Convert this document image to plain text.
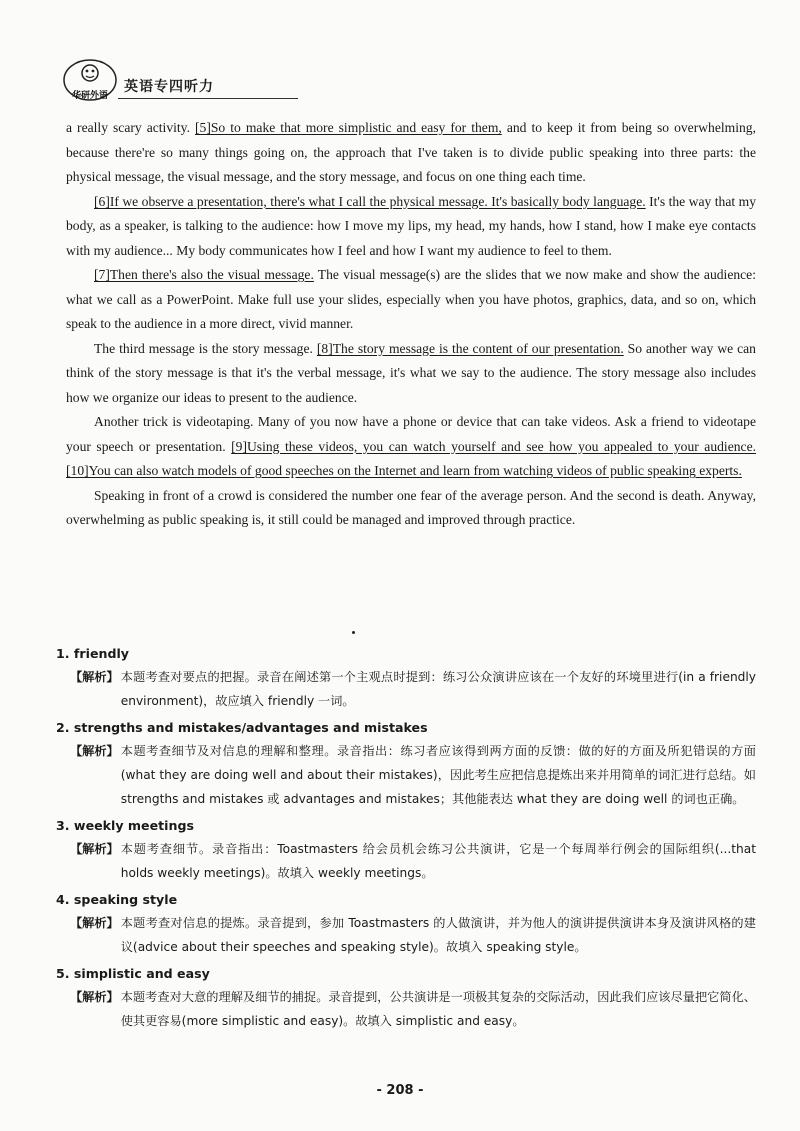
华研外语
英语专四听力

a really scary activity. [5]So to make that more simplistic and easy for them, and to keep it from being so overwhelming, because there're so many things going on, the approach that I've taken is to divide public speaking into three parts: the physical message, the visual message, and the story message, and focus on one thing each time.

[6]If we observe a presentation, there's what I call the physical message. It's basically body language. It's the way that my body, as a speaker, is talking to the audience: how I move my lips, my head, my hands, how I stand, how I make eye contacts with my audience... My body communicates how I feel and how I want my audience to feel to them.

[7]Then there's also the visual message. The visual message(s) are the slides that we now make and show the audience: what we call as a PowerPoint. Make full use your slides, especially when you have photos, graphics, data, and so on, which speak to the audience in a more direct, vivid manner.

The third message is the story message. [8]The story message is the content of our presentation. So another way we can think of the story message is that it's the verbal message, it's what we say to the audience. The story message also includes how we organize our ideas to present to the audience.

Another trick is videotaping. Many of you now have a phone or device that can take videos. Ask a friend to videotape your speech or presentation. [9]Using these videos, you can watch yourself and see how you appealed to your audience. [10]You can also watch models of good speeches on the Internet and learn from watching videos of public speaking experts.

Speaking in front of a crowd is considered the number one fear of the average person. And the second is death. Anyway, overwhelming as public speaking is, it still could be managed and improved through practice.

1. friendly
【解析】 本题考查对要点的把握。录音在阐述第一个主观点时提到：练习公众演讲应该在一个友好的环境里进行(in a friendly environment)，故应填入 friendly 一词。
2. strengths and mistakes/advantages and mistakes
【解析】 本题考查细节及对信息的理解和整理。录音指出：练习者应该得到两方面的反馈：做的好的方面及所犯错误的方面(what they are doing well and about their mistakes)，因此考生应把信息提炼出来并用简单的词汇进行总结。如 strengths and mistakes 或 advantages and mistakes；其他能表达 what they are doing well 的词也正确。
3. weekly meetings
【解析】 本题考查细节。录音指出：Toastmasters 给会员机会练习公共演讲，它是一个每周举行例会的国际组织(...that holds weekly meetings)。故填入 weekly meetings。
4. speaking style
【解析】 本题考查对信息的提炼。录音提到，参加 Toastmasters 的人做演讲，并为他人的演讲提供演讲本身及演讲风格的建议(advice about their speeches and speaking style)。故填入 speaking style。
5. simplistic and easy
【解析】 本题考查对大意的理解及细节的捕捉。录音提到，公共演讲是一项极其复杂的交际活动，因此我们应该尽量把它简化、使其更容易(more simplistic and easy)。故填入 simplistic and easy。
- 208 -
